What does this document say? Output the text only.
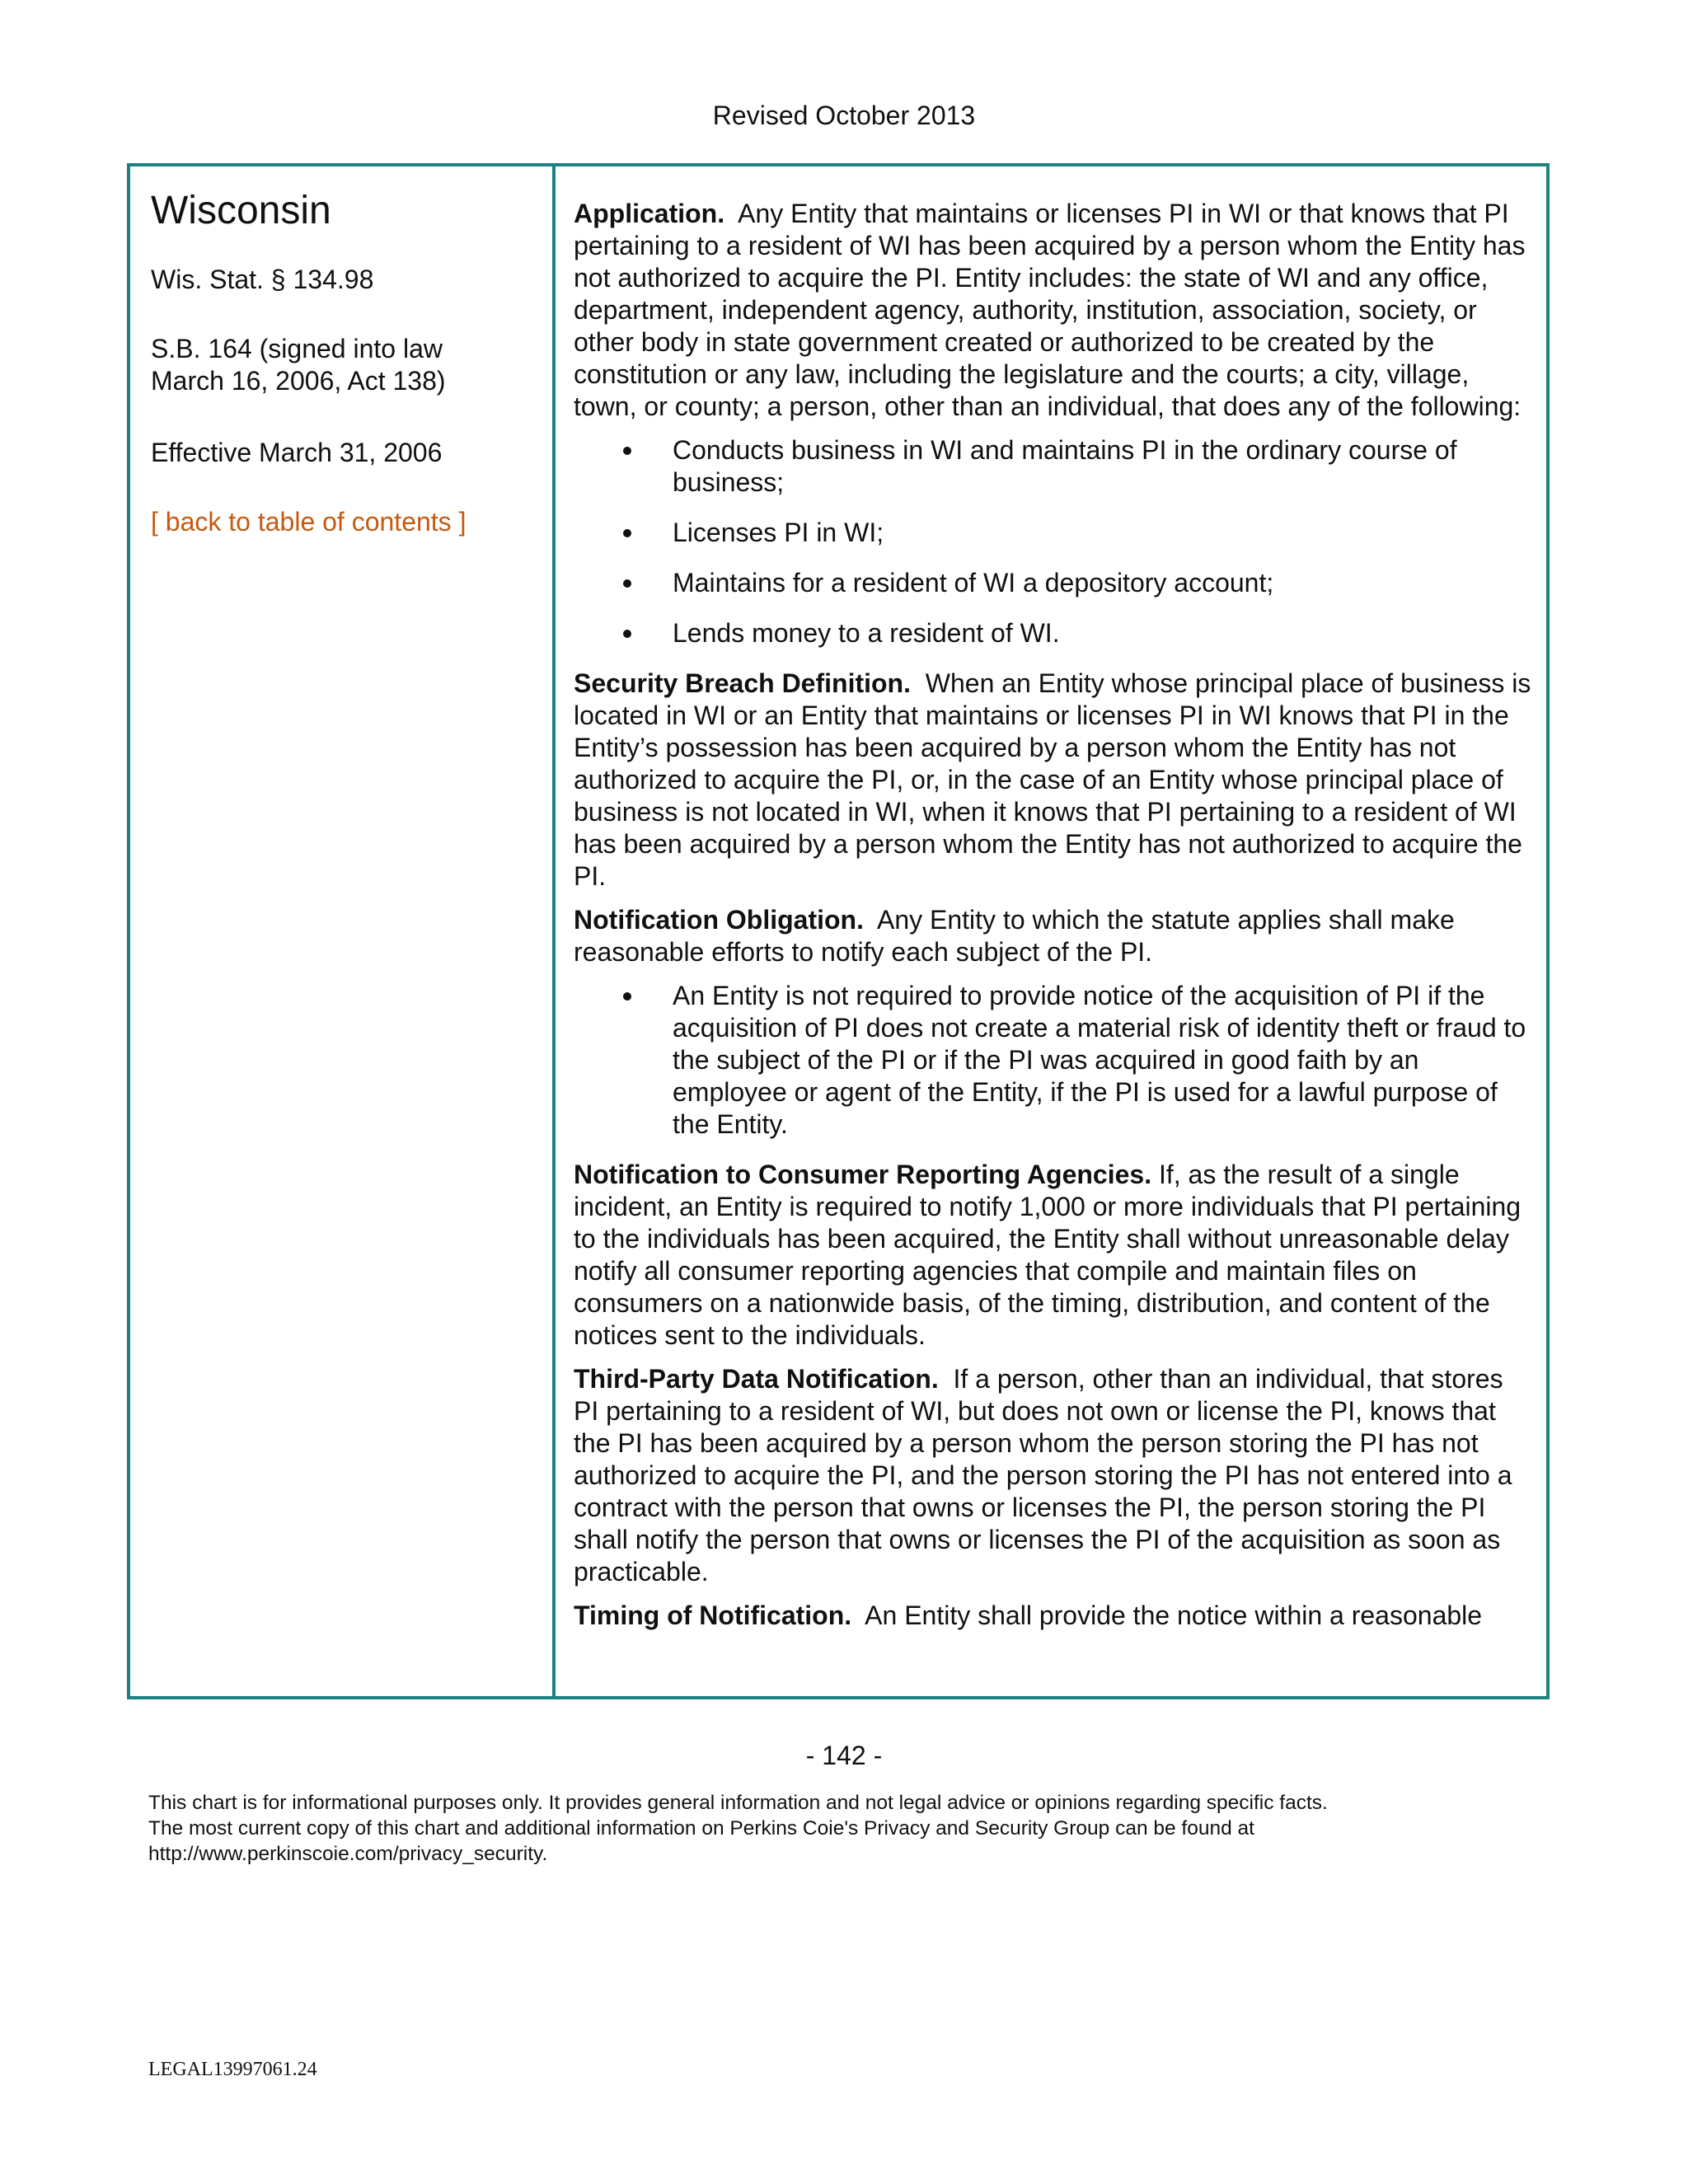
Revised October 2013
Wisconsin
Wis. Stat. § 134.98
S.B. 164 (signed into law
March 16, 2006, Act 138)
Effective March 31, 2006
[ back to table of contents ]

Application. Any Entity that maintains or licenses PI in WI or that knows that PI pertaining to a resident of WI has been acquired by a person whom the Entity has not authorized to acquire the PI. Entity includes: the state of WI and any office, department, independent agency, authority, institution, association, society, or other body in state government created or authorized to be created by the constitution or any law, including the legislature and the courts; a city, village, town, or county; a person, other than an individual, that does any of the following:

Conducts business in WI and maintains PI in the ordinary course of business;
Licenses PI in WI;
Maintains for a resident of WI a depository account;
Lends money to a resident of WI.

Security Breach Definition. When an Entity whose principal place of business is located in WI or an Entity that maintains or licenses PI in WI knows that PI in the Entity’s possession has been acquired by a person whom the Entity has not authorized to acquire the PI, or, in the case of an Entity whose principal place of business is not located in WI, when it knows that PI pertaining to a resident of WI has been acquired by a person whom the Entity has not authorized to acquire the PI.

Notification Obligation. Any Entity to which the statute applies shall make reasonable efforts to notify each subject of the PI.

An Entity is not required to provide notice of the acquisition of PI if the acquisition of PI does not create a material risk of identity theft or fraud to the subject of the PI or if the PI was acquired in good faith by an employee or agent of the Entity, if the PI is used for a lawful purpose of the Entity.

Notification to Consumer Reporting Agencies. If, as the result of a single incident, an Entity is required to notify 1,000 or more individuals that PI pertaining to the individuals has been acquired, the Entity shall without unreasonable delay notify all consumer reporting agencies that compile and maintain files on consumers on a nationwide basis, of the timing, distribution, and content of the notices sent to the individuals.

Third-Party Data Notification. If a person, other than an individual, that stores PI pertaining to a resident of WI, but does not own or license the PI, knows that the PI has been acquired by a person whom the person storing the PI has not authorized to acquire the PI, and the person storing the PI has not entered into a contract with the person that owns or licenses the PI, the person storing the PI shall notify the person that owns or licenses the PI of the acquisition as soon as practicable.

Timing of Notification. An Entity shall provide the notice within a reasonable

- 142 -
This chart is for informational purposes only. It provides general information and not legal advice or opinions regarding specific facts.
The most current copy of this chart and additional information on Perkins Coie's Privacy and Security Group can be found at
http://www.perkinscoie.com/privacy_security.
LEGAL13997061.24
